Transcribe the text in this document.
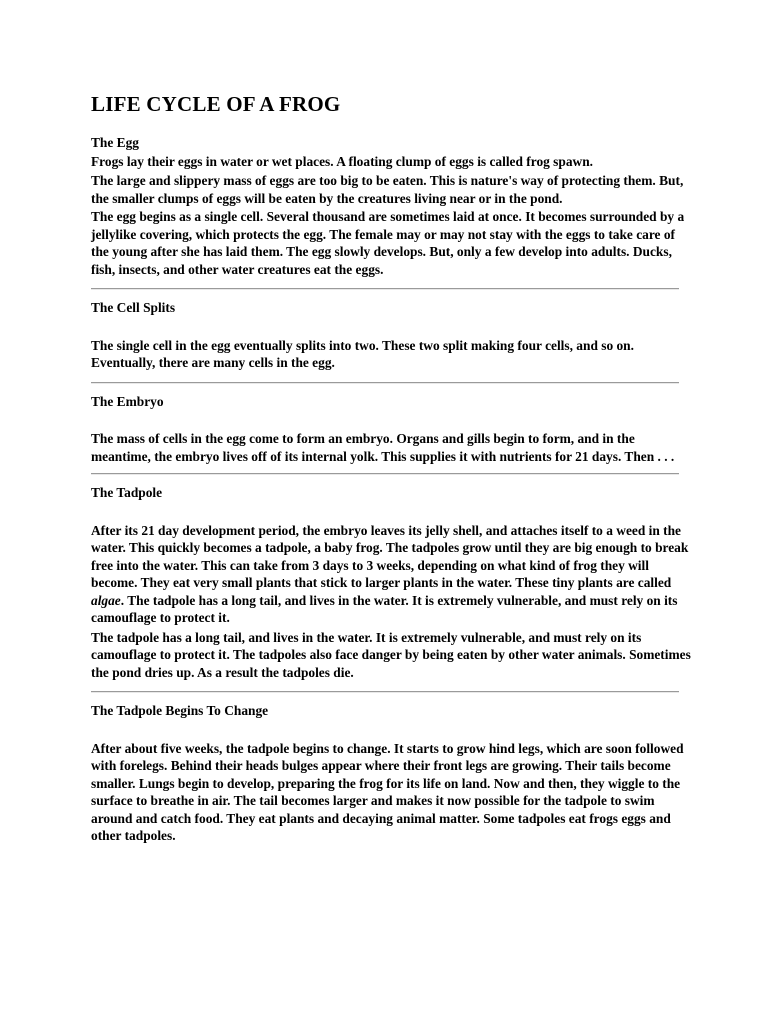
LIFE CYCLE OF A FROG
The Egg

Frogs lay their eggs in water or wet places. A floating clump of eggs is called frog spawn.

The large and slippery mass of eggs are too big to be eaten. This is nature's way of protecting them. But, the smaller clumps of eggs will be eaten by the creatures living near or in the pond.

The egg begins as a single cell. Several thousand are sometimes laid at once. It becomes surrounded by a jellylike covering, which protects the egg. The female may or may not stay with the eggs to take care of the young after she has laid them. The egg slowly develops. But, only a few develop into adults. Ducks, fish, insects, and other water creatures eat the eggs.

The Cell Splits

The single cell in the egg eventually splits into two. These two split making four cells, and so on. Eventually, there are many cells in the egg.

The Embryo

The mass of cells in the egg come to form an embryo. Organs and gills begin to form, and in the meantime, the embryo lives off of its internal yolk. This supplies it with nutrients for 21 days. Then . . .

The Tadpole

After its 21 day development period, the embryo leaves its jelly shell, and attaches itself to a weed in the water. This quickly becomes a tadpole, a baby frog. The tadpoles grow until they are big enough to break free into the water. This can take from 3 days to 3 weeks, depending on what kind of frog they will become. They eat very small plants that stick to larger plants in the water. These tiny plants are called algae. The tadpole has a long tail, and lives in the water. It is extremely vulnerable, and must rely on its camouflage to protect it.

The tadpole has a long tail, and lives in the water. It is extremely vulnerable, and must rely on its camouflage to protect it. The tadpoles also face danger by being eaten by other water animals. Sometimes the pond dries up. As a result the tadpoles die.

The Tadpole Begins To Change

After about five weeks, the tadpole begins to change. It starts to grow hind legs, which are soon followed with forelegs. Behind their heads bulges appear where their front legs are growing. Their tails become smaller. Lungs begin to develop, preparing the frog for its life on land. Now and then, they wiggle to the surface to breathe in air. The tail becomes larger and makes it now possible for the tadpole to swim around and catch food. They eat plants and decaying animal matter. Some tadpoles eat frogs eggs and other tadpoles.
